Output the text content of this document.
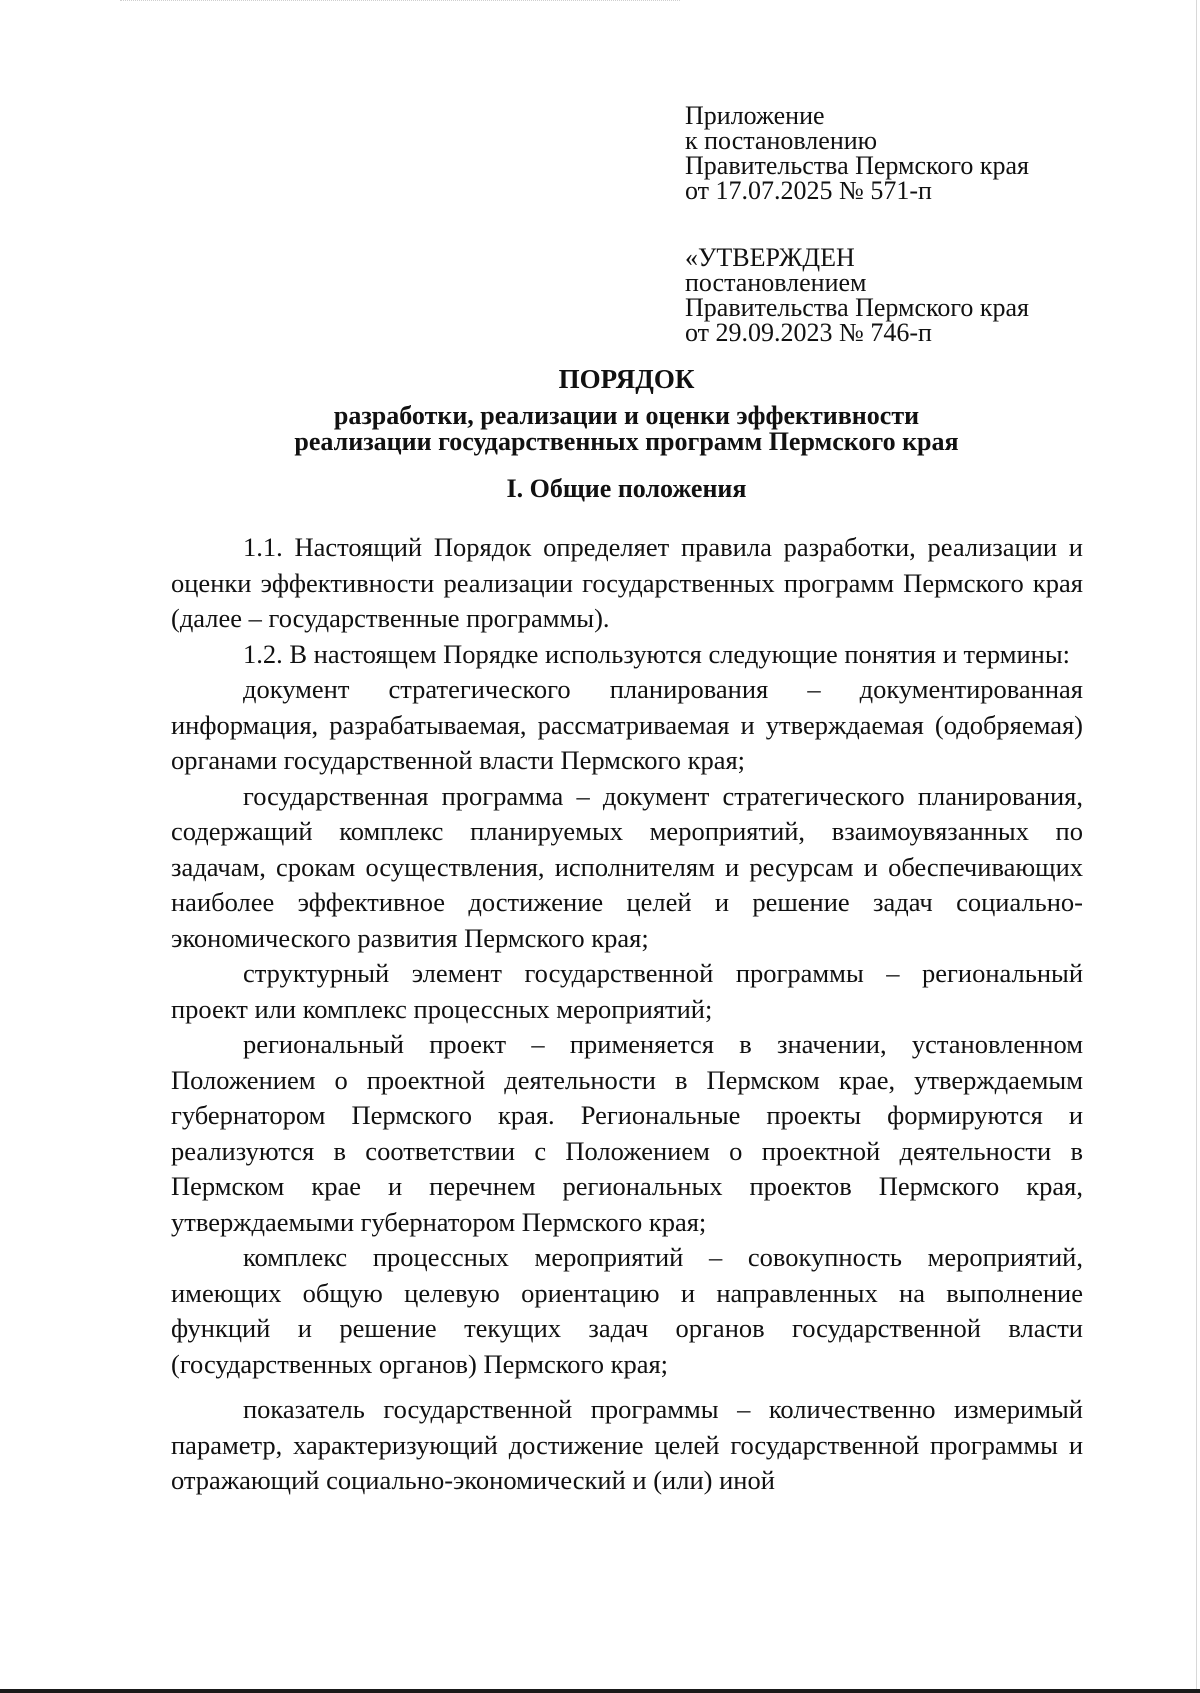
Приложение
к постановлению
Правительства Пермского края
от 17.07.2025 № 571-п
«УТВЕРЖДЕН
постановлением
Правительства Пермского края
от 29.09.2023 № 746-п
ПОРЯДОК
разработки, реализации и оценки эффективности
реализации государственных программ Пермского края
I. Общие положения

1.1. Настоящий Порядок определяет правила разработки, реализации и оценки эффективности реализации государственных программ Пермского края (далее – государственные программы).

1.2. В настоящем Порядке используются следующие понятия и термины:

документ стратегического планирования – документированная информация, разрабатываемая, рассматриваемая и утверждаемая (одобряемая) органами государственной власти Пермского края;

государственная программа – документ стратегического планирования, содержащий комплекс планируемых мероприятий, взаимоувязанных по задачам, срокам осуществления, исполнителям и ресурсам и обеспечивающих наиболее эффективное достижение целей и решение задач социально-экономического развития Пермского края;

структурный элемент государственной программы – региональный проект или комплекс процессных мероприятий;

региональный проект – применяется в значении, установленном Положением о проектной деятельности в Пермском крае, утверждаемым губернатором Пермского края. Региональные проекты формируются и реализуются в соответствии с Положением о проектной деятельности в Пермском крае и перечнем региональных проектов Пермского края, утверждаемыми губернатором Пермского края;

комплекс процессных мероприятий – совокупность мероприятий, имеющих общую целевую ориентацию и направленных на выполнение функций и решение текущих задач органов государственной власти (государственных органов) Пермского края;

показатель государственной программы – количественно измеримый параметр, характеризующий достижение целей государственной программы и отражающий социально-экономический и (или) иной
